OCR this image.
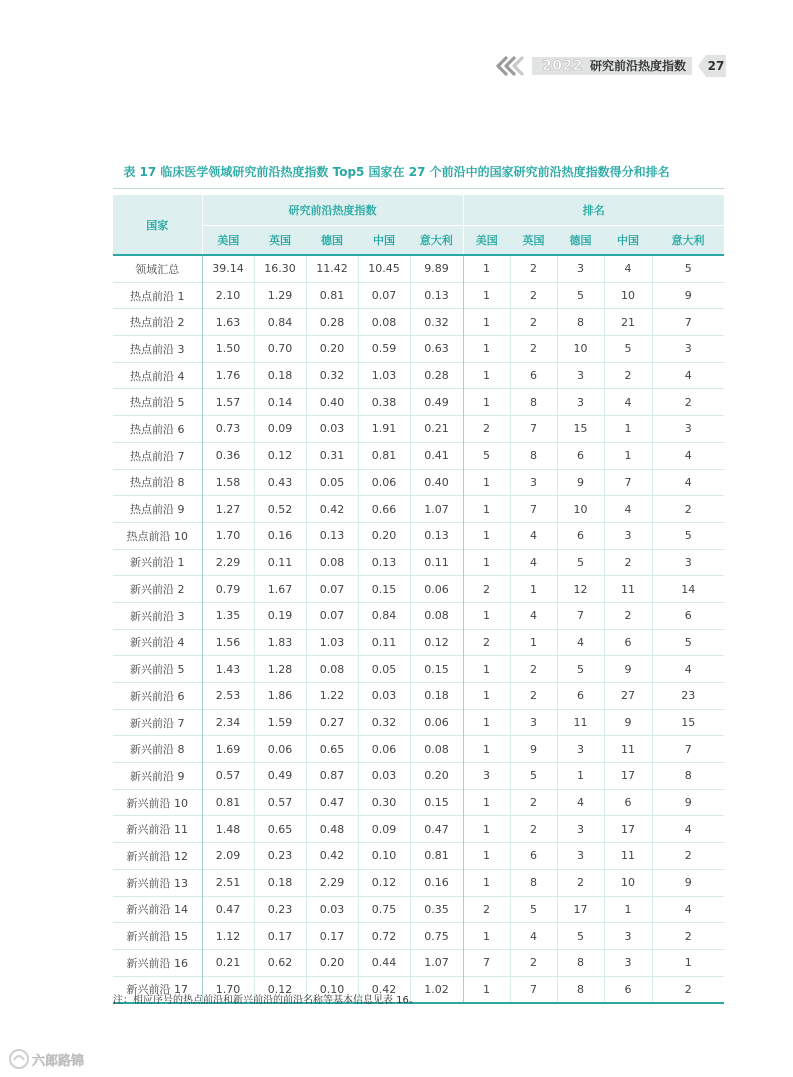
2022 研究前沿热度指数 27
表 17 临床医学领域研究前沿热度指数 Top5 国家在 27 个前沿中的国家研究前沿热度指数得分和排名
国家	研究前沿热度指数					排名				
	美国	英国	德国	中国	意大利	美国	英国	德国	中国	意大利
领域汇总	39.14	16.30	11.42	10.45	9.89	1	2	3	4	5
热点前沿 1	2.10	1.29	0.81	0.07	0.13	1	2	5	10	9
热点前沿 2	1.63	0.84	0.28	0.08	0.32	1	2	8	21	7
热点前沿 3	1.50	0.70	0.20	0.59	0.63	1	2	10	5	3
热点前沿 4	1.76	0.18	0.32	1.03	0.28	1	6	3	2	4
热点前沿 5	1.57	0.14	0.40	0.38	0.49	1	8	3	4	2
热点前沿 6	0.73	0.09	0.03	1.91	0.21	2	7	15	1	3
热点前沿 7	0.36	0.12	0.31	0.81	0.41	5	8	6	1	4
热点前沿 8	1.58	0.43	0.05	0.06	0.40	1	3	9	7	4
热点前沿 9	1.27	0.52	0.42	0.66	1.07	1	7	10	4	2
热点前沿 10	1.70	0.16	0.13	0.20	0.13	1	4	6	3	5
新兴前沿 1	2.29	0.11	0.08	0.13	0.11	1	4	5	2	3
新兴前沿 2	0.79	1.67	0.07	0.15	0.06	2	1	12	11	14
新兴前沿 3	1.35	0.19	0.07	0.84	0.08	1	4	7	2	6
新兴前沿 4	1.56	1.83	1.03	0.11	0.12	2	1	4	6	5
新兴前沿 5	1.43	1.28	0.08	0.05	0.15	1	2	5	9	4
新兴前沿 6	2.53	1.86	1.22	0.03	0.18	1	2	6	27	23
新兴前沿 7	2.34	1.59	0.27	0.32	0.06	1	3	11	9	15
新兴前沿 8	1.69	0.06	0.65	0.06	0.08	1	9	3	11	7
新兴前沿 9	0.57	0.49	0.87	0.03	0.20	3	5	1	17	8
新兴前沿 10	0.81	0.57	0.47	0.30	0.15	1	2	4	6	9
新兴前沿 11	1.48	0.65	0.48	0.09	0.47	1	2	3	17	4
新兴前沿 12	2.09	0.23	0.42	0.10	0.81	1	6	3	11	2
新兴前沿 13	2.51	0.18	2.29	0.12	0.16	1	8	2	10	9
新兴前沿 14	0.47	0.23	0.03	0.75	0.35	2	5	17	1	4
新兴前沿 15	1.12	0.17	0.17	0.72	0.75	1	4	5	3	2
新兴前沿 16	0.21	0.62	0.20	0.44	1.07	7	2	8	3	1
新兴前沿 17	1.70	0.12	0.10	0.42	1.02	1	7	8	6	2
注：相应序号的热点前沿和新兴前沿的前沿名称等基本信息见表 16。
六郎路锦
